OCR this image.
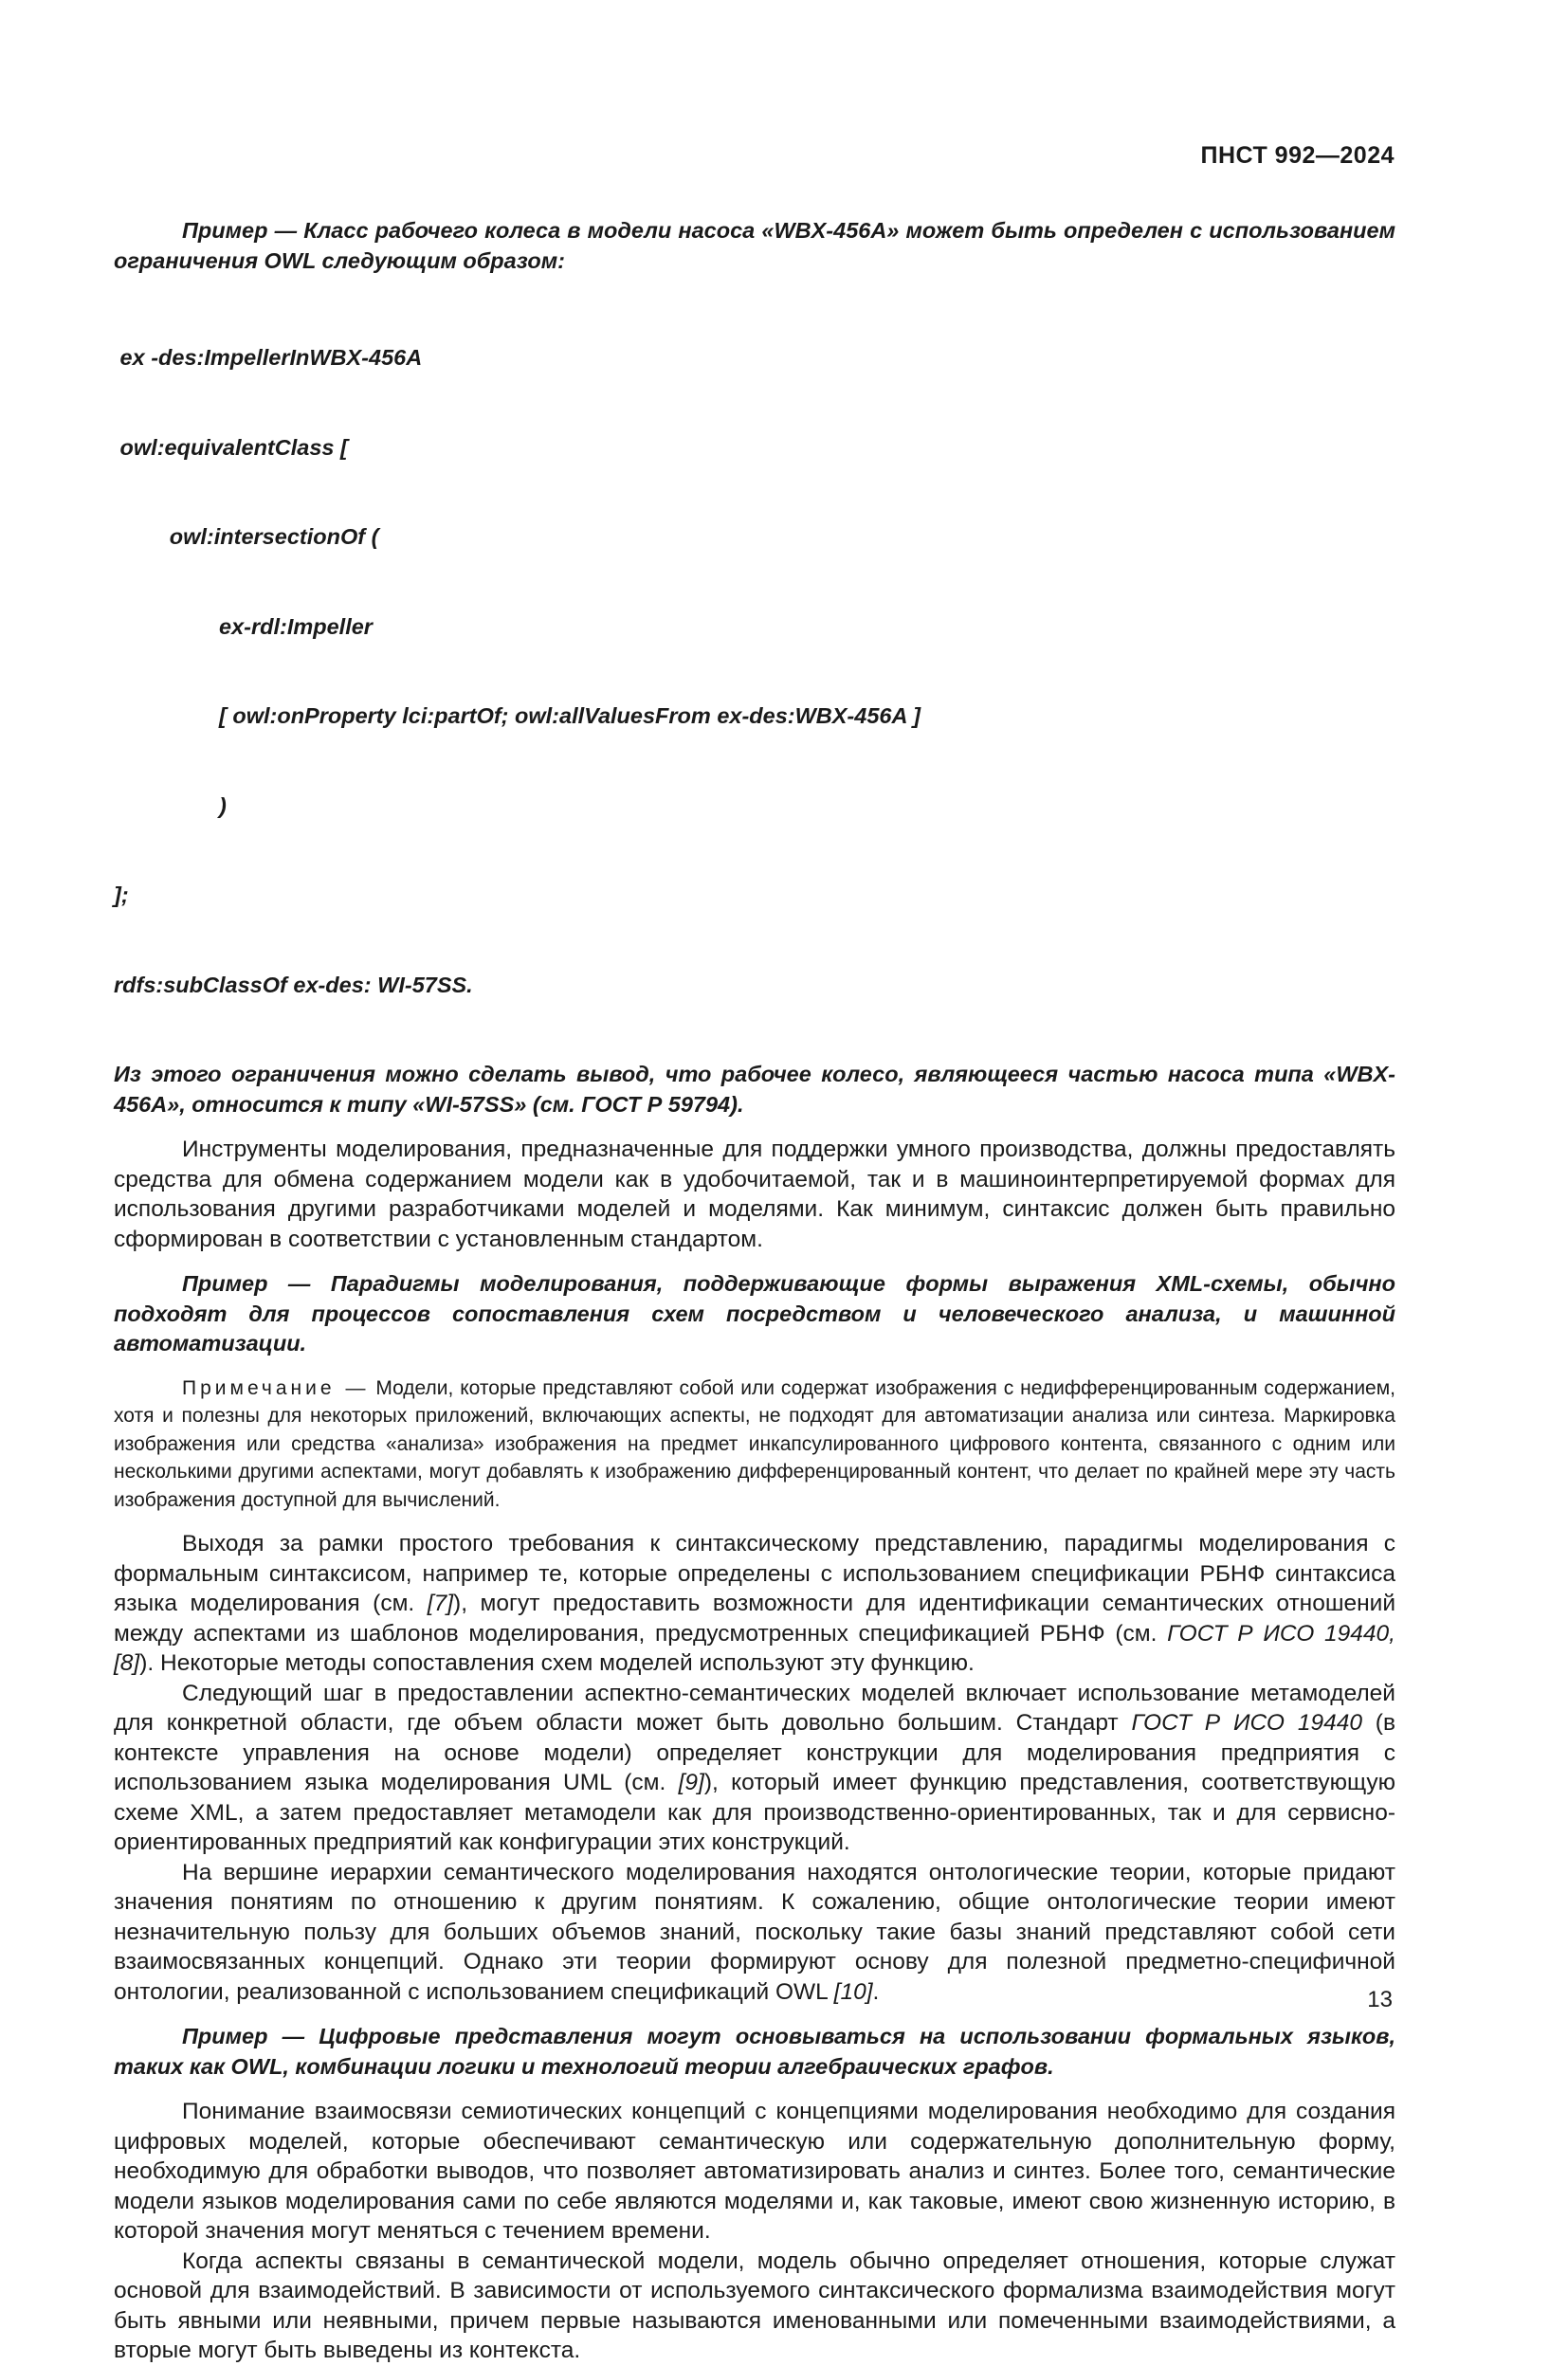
ПНСТ 992—2024

Пример — Класс рабочего колеса в модели насоса «WBX-456A» может быть определен с использованием ограничения OWL следующим образом:

ex -des:ImpellerInWBX-456A

owl:equivalentClass [

owl:intersectionOf (

ex-rdl:Impeller

[ owl:onProperty lci:partOf; owl:allValuesFrom ex-des:WBX-456A ]

)

];

rdfs:subClassOf ex-des: WI-57SS.

Из этого ограничения можно сделать вывод, что рабочее колесо, являющееся частью насоса типа «WBX-456A», относится к типу «WI-57SS» (см. ГОСТ Р 59794).

Инструменты моделирования, предназначенные для поддержки умного производства, должны предоставлять средства для обмена содержанием модели как в удобочитаемой, так и в машиноинтерпретируемой формах для использования другими разработчиками моделей и моделями. Как минимум, синтаксис должен быть правильно сформирован в соответствии с установленным стандартом.

Пример — Парадигмы моделирования, поддерживающие формы выражения XML-схемы, обычно подходят для процессов сопоставления схем посредством и человеческого анализа, и машинной автоматизации.

Примечание — Модели, которые представляют собой или содержат изображения с недифференцированным содержанием, хотя и полезны для некоторых приложений, включающих аспекты, не подходят для автоматизации анализа или синтеза. Маркировка изображения или средства «анализа» изображения на предмет инкапсулированного цифрового контента, связанного с одним или несколькими другими аспектами, могут добавлять к изображению дифференцированный контент, что делает по крайней мере эту часть изображения доступной для вычислений.

Выходя за рамки простого требования к синтаксическому представлению, парадигмы моделирования с формальным синтаксисом, например те, которые определены с использованием спецификации РБНФ синтаксиса языка моделирования (см. [7]), могут предоставить возможности для идентификации семантических отношений между аспектами из шаблонов моделирования, предусмотренных спецификацией РБНФ (см. ГОСТ Р ИСО 19440, [8]). Некоторые методы сопоставления схем моделей используют эту функцию.

Следующий шаг в предоставлении аспектно-семантических моделей включает использование метамоделей для конкретной области, где объем области может быть довольно большим. Стандарт ГОСТ Р ИСО 19440 (в контексте управления на основе модели) определяет конструкции для моделирования предприятия с использованием языка моделирования UML (см. [9]), который имеет функцию представления, соответствующую схеме XML, а затем предоставляет метамодели как для производственно-ориентированных, так и для сервисно-ориентированных предприятий как конфигурации этих конструкций.

На вершине иерархии семантического моделирования находятся онтологические теории, которые придают значения понятиям по отношению к другим понятиям. К сожалению, общие онтологические теории имеют незначительную пользу для больших объемов знаний, поскольку такие базы знаний представляют собой сети взаимосвязанных концепций. Однако эти теории формируют основу для полезной предметно-специфичной онтологии, реализованной с использованием спецификаций OWL [10].

Пример — Цифровые представления могут основываться на использовании формальных языков, таких как OWL, комбинации логики и технологий теории алгебраических графов.

Понимание взаимосвязи семиотических концепций с концепциями моделирования необходимо для создания цифровых моделей, которые обеспечивают семантическую или содержательную дополнительную форму, необходимую для обработки выводов, что позволяет автоматизировать анализ и синтез. Более того, семантические модели языков моделирования сами по себе являются моделями и, как таковые, имеют свою жизненную историю, в которой значения могут меняться с течением времени.

Когда аспекты связаны в семантической модели, модель обычно определяет отношения, которые служат основой для взаимодействий. В зависимости от используемого синтаксического формализма взаимодействия могут быть явными или неявными, причем первые называются именованными или помеченными взаимодействиями, а вторые могут быть выведены из контекста.

13
